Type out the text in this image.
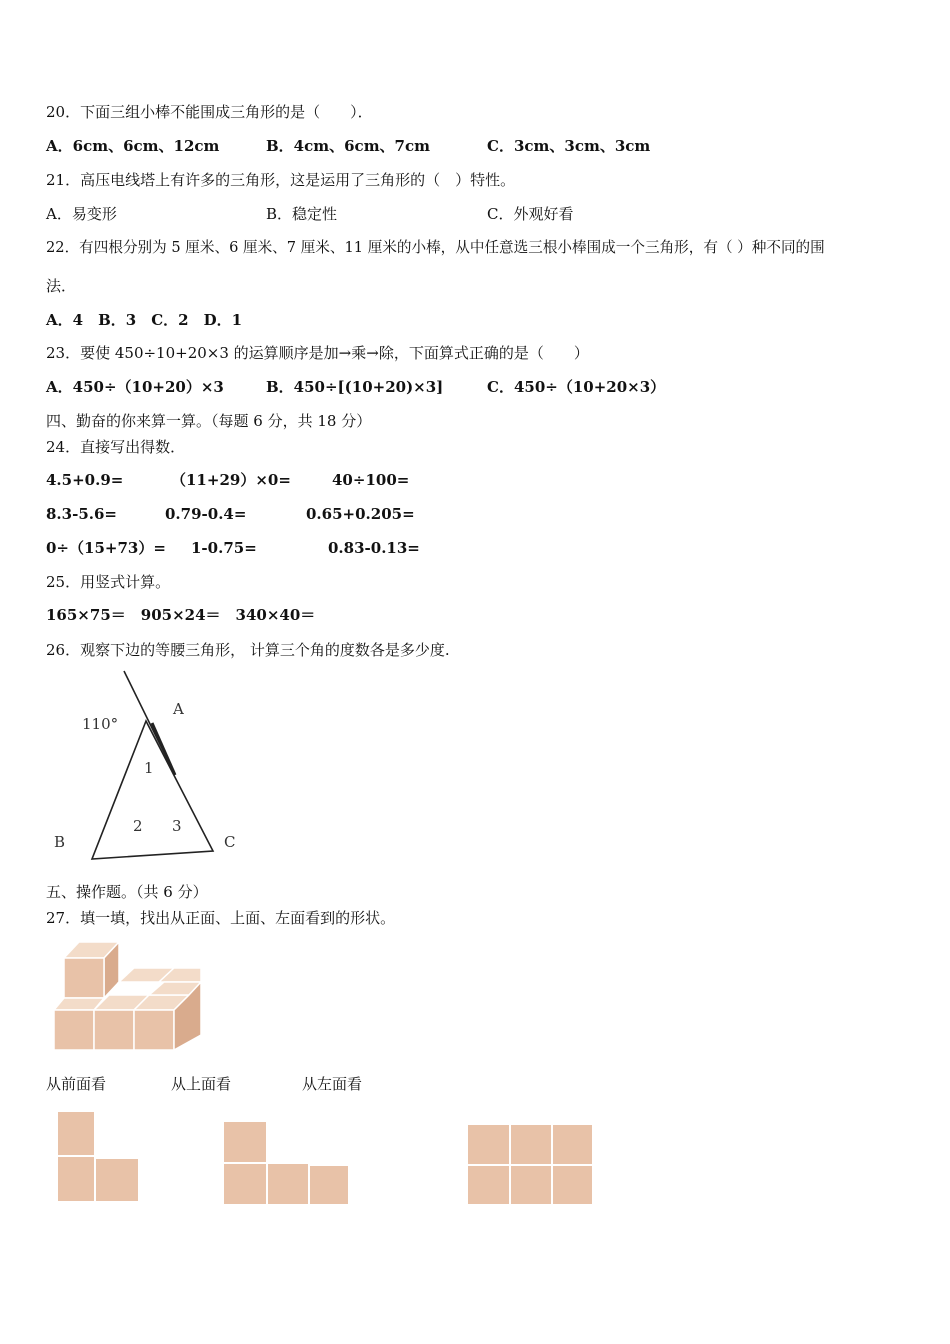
20．下面三组小棒不能围成三角形的是（　　）．
A．6cm、6cm、12cm	B．4cm、6cm、7cm	C．3cm、3cm、3cm
21．高压电线塔上有许多的三角形，这是运用了三角形的（　）特性。
A．易变形	B．稳定性	C．外观好看
22．有四根分别为 5 厘米、6 厘米、7 厘米、11 厘米的小棒，从中任意选三根小棒围成一个三角形，有（ ）种不同的围
法．
A．4　B．3　C．2　D．1
23．要使 450÷10+20×3 的运算顺序是加→乘→除，下面算式正确的是（　　）
A．450÷（10+20）×3	B．450÷[(10+20)×3]	C．450÷（10+20×3）
四、勤奋的你来算一算。（每题 6 分，共 18 分）
24．直接写出得数．
4.5+0.9=	（11+29）×0=	40÷100=
8.3-5.6=	0.79-0.4=	0.65+0.205=
0÷（15+73）= 1-0.75=	0.83-0.13=
25．用竖式计算。
165×75＝　905×24＝　340×40＝
26．观察下边的等腰三角形， 计算三个角的度数各是多少度.
110°
A
B	C
1
2 3
五、操作题。（共 6 分）
27．填一填，找出从正面、上面、左面看到的形状。
从前面看	从上面看	从左面看
